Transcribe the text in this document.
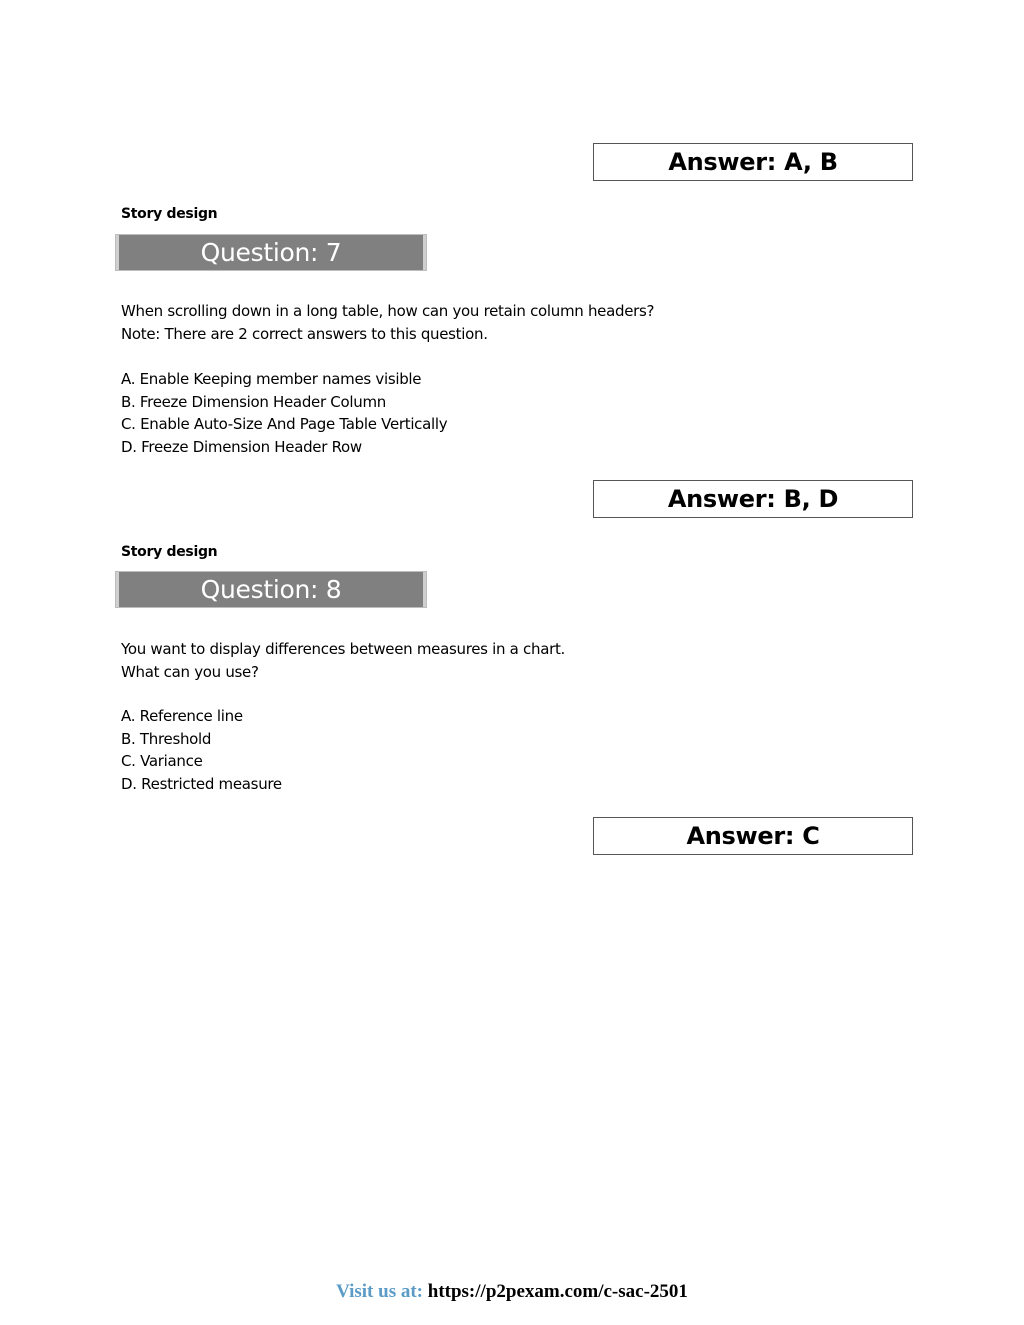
Answer: A, B
Story design
Question: 7
When scrolling down in a long table, how can you retain column headers?
Note: There are 2 correct answers to this question.
A. Enable Keeping member names visible
B. Freeze Dimension Header Column
C. Enable Auto-Size And Page Table Vertically
D. Freeze Dimension Header Row
Answer: B, D
Story design
Question: 8
You want to display differences between measures in a chart.
What can you use?
A. Reference line
B. Threshold
C. Variance
D. Restricted measure
Answer: C
Visit us at: https://p2pexam.com/c-sac-2501
